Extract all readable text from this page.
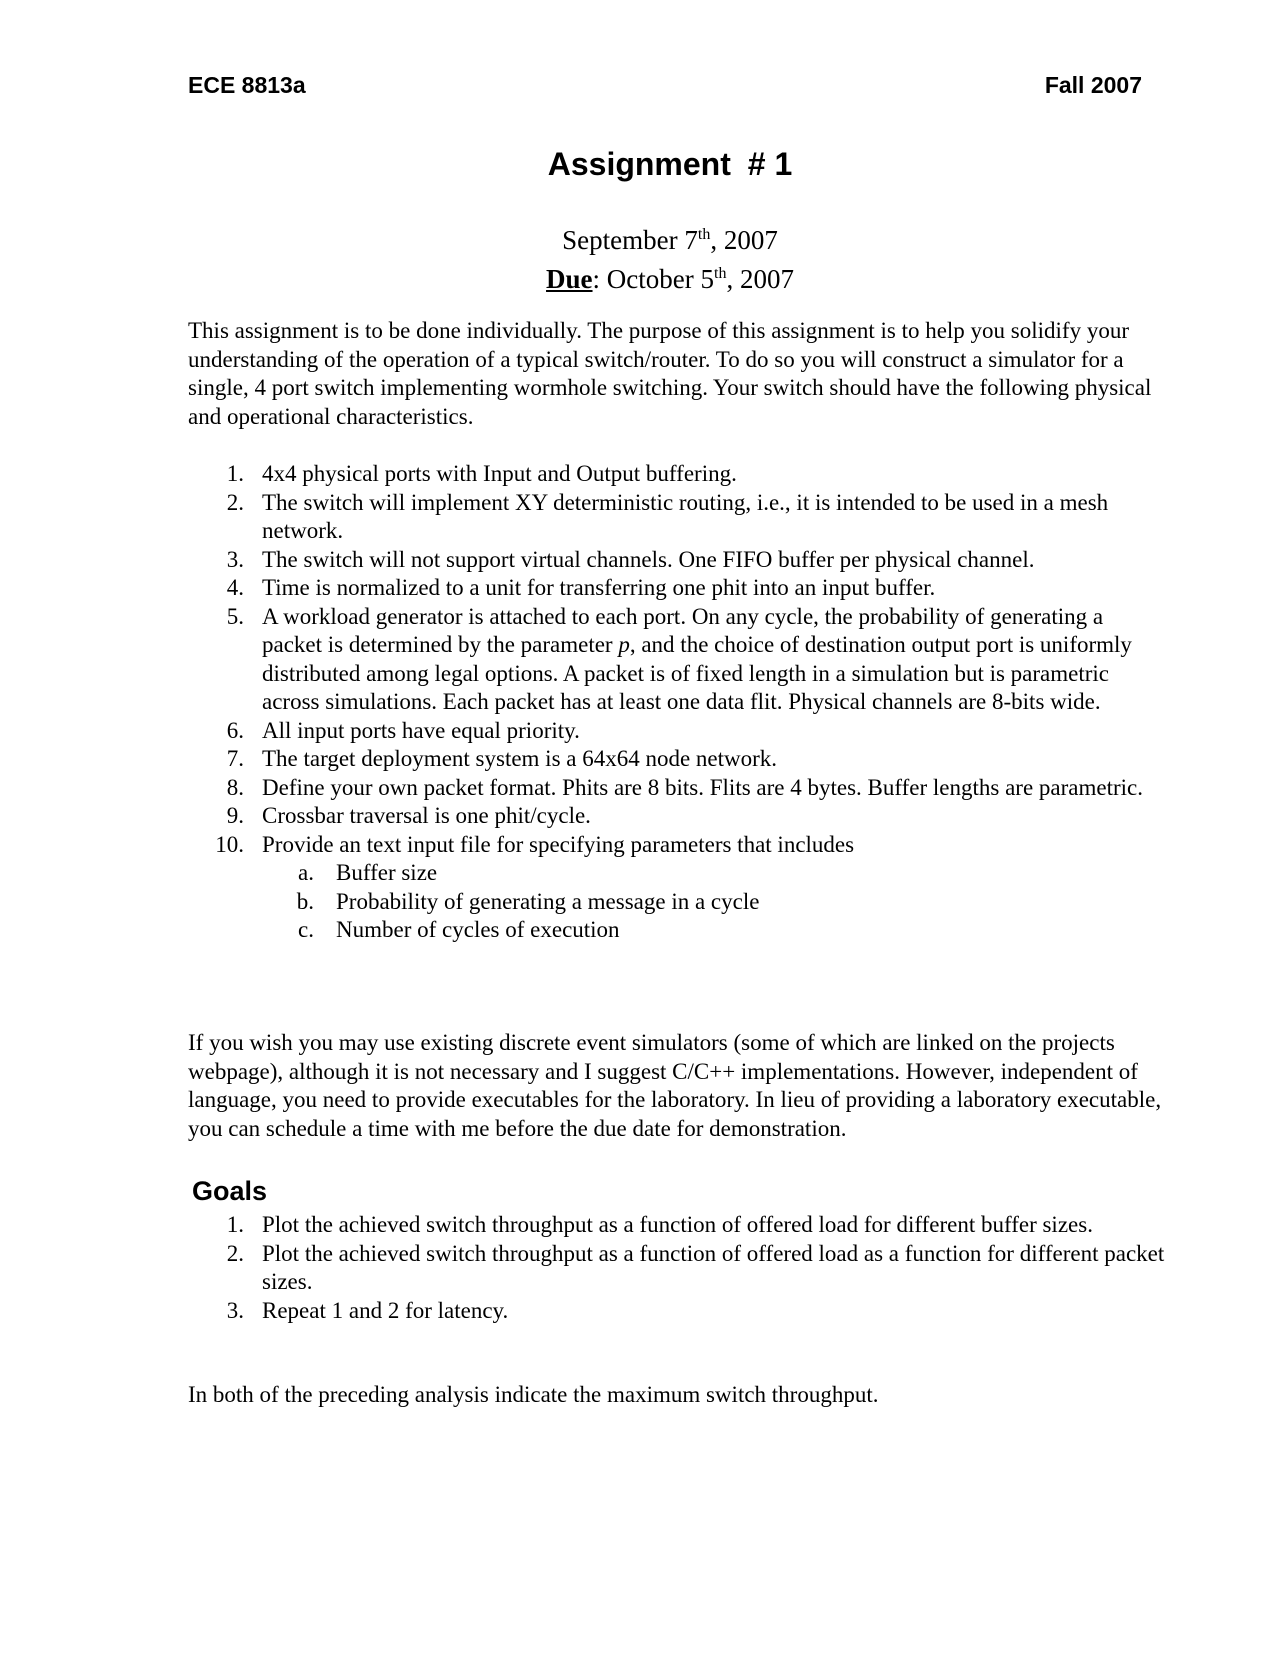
ECE 8813a	Fall 2007
Assignment # 1
September 7th, 2007
Due: October 5th, 2007
This assignment is to be done individually. The purpose of this assignment is to help you solidify your understanding of the operation of a typical switch/router. To do so you will construct a simulator for a single, 4 port switch implementing wormhole switching. Your switch should have the following physical and operational characteristics.
1. 4x4 physical ports with Input and Output buffering.
2. The switch will implement XY deterministic routing, i.e., it is intended to be used in a mesh network.
3. The switch will not support virtual channels. One FIFO buffer per physical channel.
4. Time is normalized to a unit for transferring one phit into an input buffer.
5. A workload generator is attached to each port. On any cycle, the probability of generating a packet is determined by the parameter p, and the choice of destination output port is uniformly distributed among legal options. A packet is of fixed length in a simulation but is parametric across simulations. Each packet has at least one data flit. Physical channels are 8-bits wide.
6. All input ports have equal priority.
7. The target deployment system is a 64x64 node network.
8. Define your own packet format. Phits are 8 bits. Flits are 4 bytes. Buffer lengths are parametric.
9. Crossbar traversal is one phit/cycle.
10. Provide an text input file for specifying parameters that includes
a. Buffer size
b. Probability of generating a message in a cycle
c. Number of cycles of execution
If you wish you may use existing discrete event simulators (some of which are linked on the projects webpage), although it is not necessary and I suggest C/C++ implementations. However, independent of language, you need to provide executables for the laboratory. In lieu of providing a laboratory executable, you can schedule a time with me before the due date for demonstration.
Goals
1. Plot the achieved switch throughput as a function of offered load for different buffer sizes.
2. Plot the achieved switch throughput as a function of offered load as a function for different packet sizes.
3. Repeat 1 and 2 for latency.
In both of the preceding analysis indicate the maximum switch throughput.
